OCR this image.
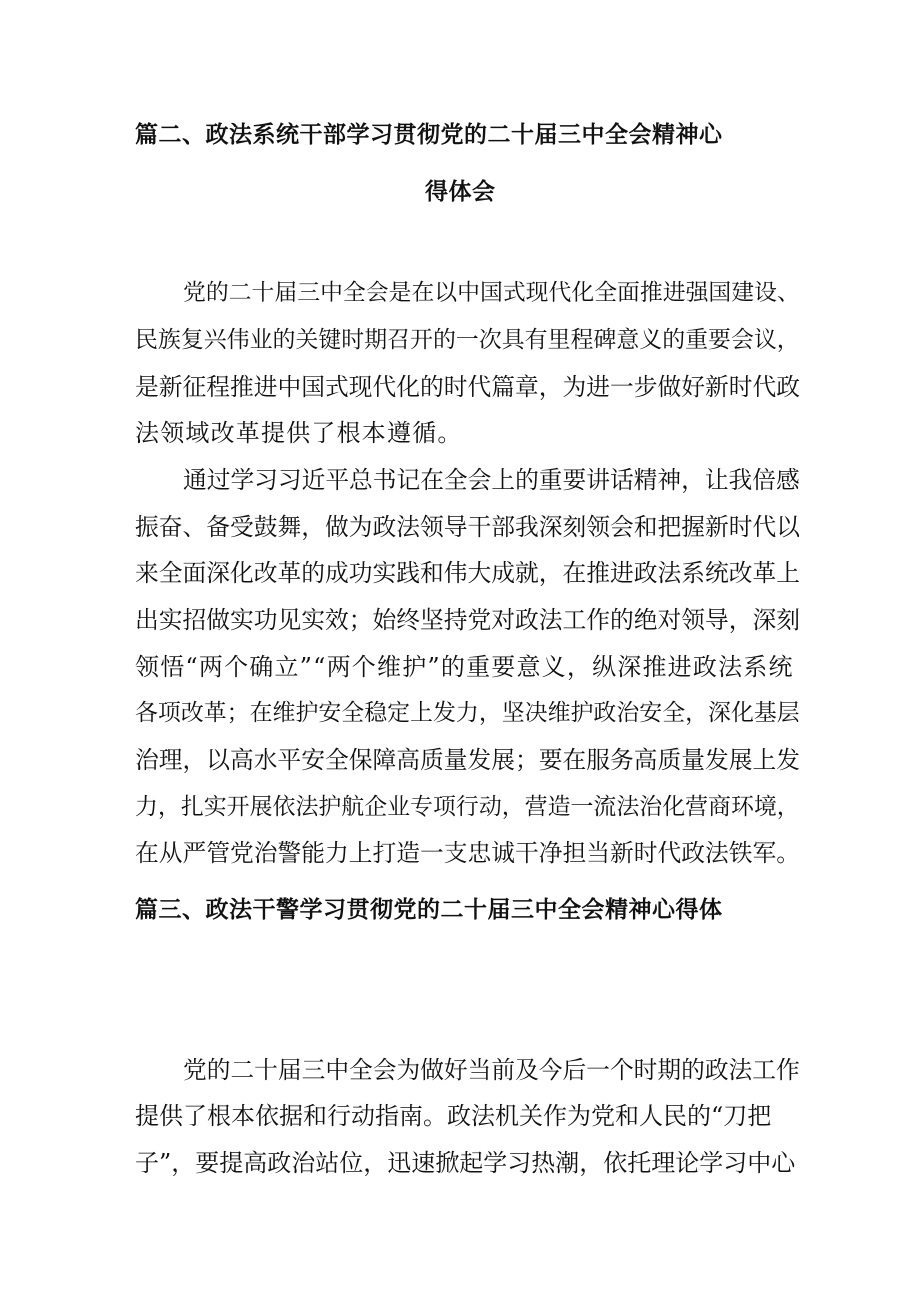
篇二、政法系统干部学习贯彻党的二十届三中全会精神心
得体会
党的二十届三中全会是在以中国式现代化全面推进强国建设、
民族复兴伟业的关键时期召开的一次具有里程碑意义的重要会议，
是新征程推进中国式现代化的时代篇章，为进一步做好新时代政
法领域改革提供了根本遵循。
通过学习习近平总书记在全会上的重要讲话精神，让我倍感
振奋、备受鼓舞，做为政法领导干部我深刻领会和把握新时代以
来全面深化改革的成功实践和伟大成就，在推进政法系统改革上
出实招做实功见实效；始终坚持党对政法工作的绝对领导，深刻
领悟“两个确立”“两个维护”的重要意义，纵深推进政法系统
各项改革；在维护安全稳定上发力，坚决维护政治安全，深化基层
治理，以高水平安全保障高质量发展；要在服务高质量发展上发
力，扎实开展依法护航企业专项行动，营造一流法治化营商环境，
在从严管党治警能力上打造一支忠诚干净担当新时代政法铁军。
篇三、政法干警学习贯彻党的二十届三中全会精神心得体
党的二十届三中全会为做好当前及今后一个时期的政法工作
提供了根本依据和行动指南。政法机关作为党和人民的“刀把
子”，要提高政治站位，迅速掀起学习热潮，依托理论学习中心
